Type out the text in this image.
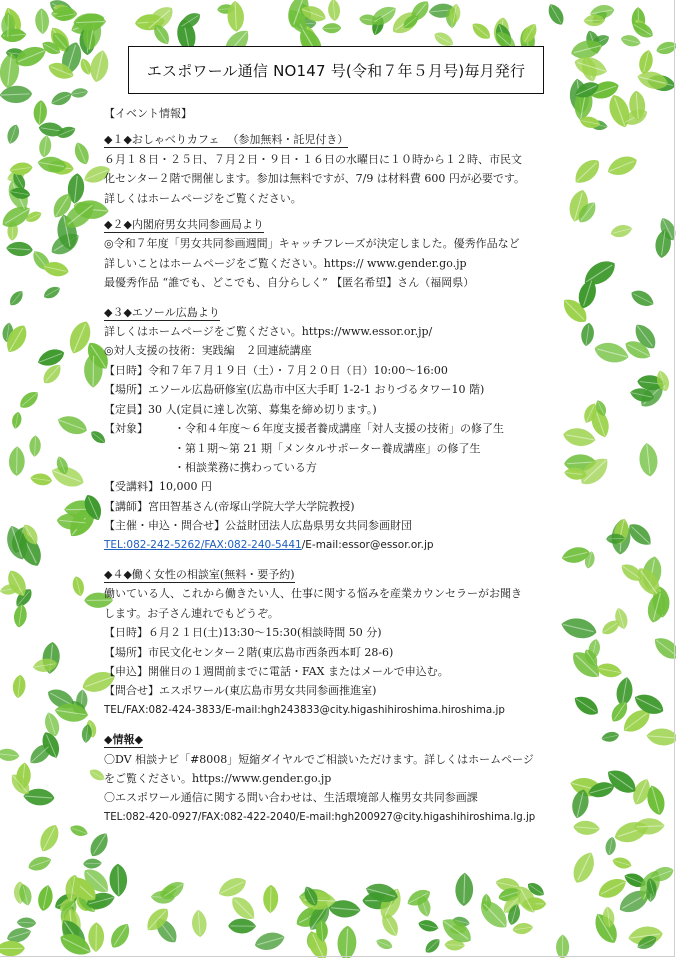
エスポワール通信 NO147 号(令和７年５月号)毎月発行

【イベント情報】

◆１◆おしゃべりカフェ （参加無料・託児付き）

６月１８日・２５日、７月２日・９日・１６日の水曜日に１０時から１２時、市民文

化センター２階で開催します。参加は無料ですが、7/9 は材料費 600 円が必要です。

詳しくはホームページをご覧ください。

◆２◆内閣府男女共同参画局より

◎令和７年度「男女共同参画週間」キャッチフレーズが決定しました。優秀作品など

詳しいことはホームページをご覧ください。https:// www.gender.go.jp

最優秀作品 “誰でも、どこでも、自分らしく” 【匿名希望】さん（福岡県）

◆３◆エソール広島より

詳しくはホームページをご覧ください。https://www.essor.or.jp/

◎対人支援の技術：実践編　２回連続講座

【日時】令和７年７月１９日（土）・７月２０日（日）10:00～16:00

【場所】エソール広島研修室(広島市中区大手町 1-2-1 おりづるタワー10 階)

【定員】30 人(定員に達し次第、募集を締め切ります。)

【対象】 ・令和４年度～６年度支援者養成講座「対人支援の技術」の修了生

・第１期～第 21 期「メンタルサポーター養成講座」の修了生

・相談業務に携わっている方

【受講料】10,000 円

【講師】宮田智基さん(帝塚山学院大学大学院教授)

【主催・申込・問合せ】公益財団法人広島県男女共同参画財団

TEL:082-242-5262/FAX:082-240-5441/E-mail:essor@essor.or.jp

◆４◆働く女性の相談室(無料・要予約)

働いている人、これから働きたい人、仕事に関する悩みを産業カウンセラーがお聞き

します。お子さん連れでもどうぞ。

【日時】６月２１日(土)13:30～15:30(相談時間 50 分)

【場所】市民文化センター２階(東広島市西条西本町 28-6)

【申込】開催日の１週間前までに電話・FAX またはメールで申込む。

【問合せ】エスポワール(東広島市男女共同参画推進室)

TEL/FAX:082-424-3833/E-mail:hgh243833@city.higashihiroshima.hiroshima.jp

◆情報◆

〇DV 相談ナビ「#8008」短縮ダイヤルでご相談いただけます。詳しくはホームページ

をご覧ください。https://www.gender.go.jp

〇エスポワール通信に関する問い合わせは、生活環境部人権男女共同参画課

TEL:082-420-0927/FAX:082-422-2040/E-mail:hgh200927@city.higashihiroshima.lg.jp
